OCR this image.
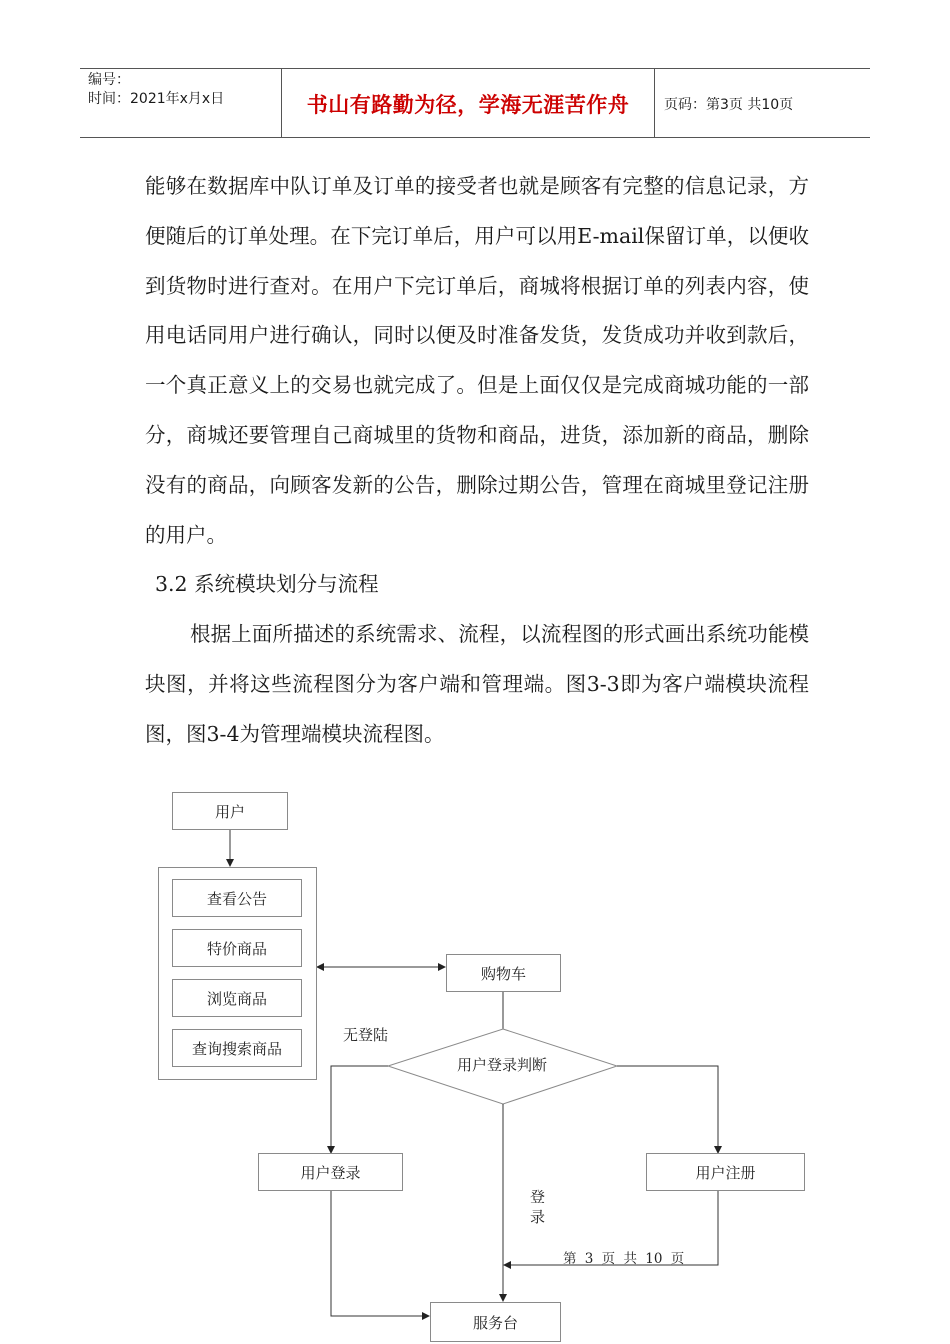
编号：
时间：2021年x月x日	书山有路勤为径，学海无涯苦作舟	页码：第3页 共10页

能够在数据库中队订单及订单的接受者也就是顾客有完整的信息记录，方便随后的订单处理。在下完订单后，用户可以用E-mail保留订单，以便收到货物时进行查对。在用户下完订单后，商城将根据订单的列表内容，使用电话同用户进行确认，同时以便及时准备发货，发货成功并收到款后，一个真正意义上的交易也就完成了。但是上面仅仅是完成商城功能的一部分，商城还要管理自己商城里的货物和商品，进货，添加新的商品，删除没有的商品，向顾客发新的公告，删除过期公告，管理在商城里登记注册的用户。

3.2 系统模块划分与流程

根据上面所描述的系统需求、流程，以流程图的形式画出系统功能模块图，并将这些流程图分为客户端和管理端。图3-3即为客户端模块流程图，图3-4为管理端模块流程图。

用户
查看公告
特价商品
浏览商品
查询搜索商品
购物车
无登陆
用户登录判断
用户登录	用户注册
登
录
第 3 页 共 10 页
服务台
